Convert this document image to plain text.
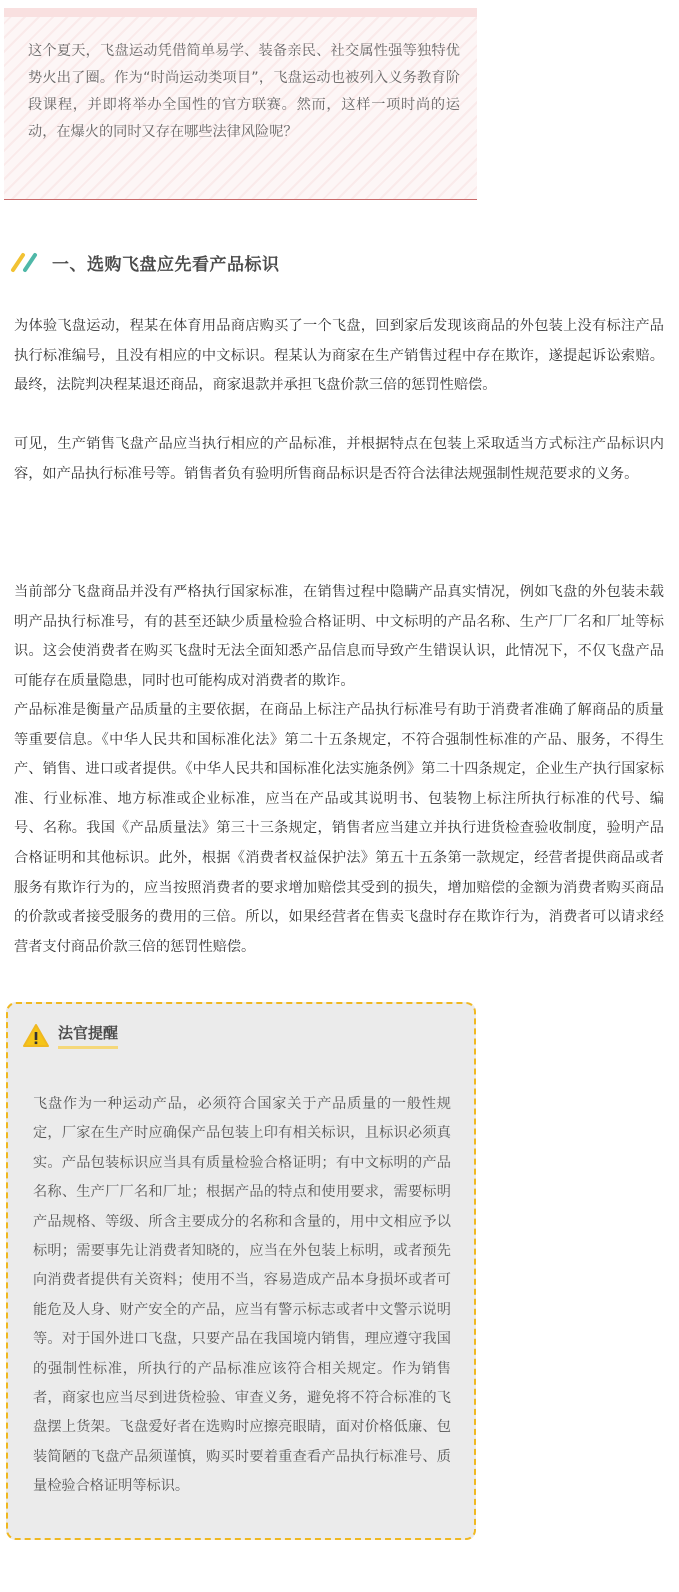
这个夏天，飞盘运动凭借简单易学、装备亲民、社交属性强等独特优势火出了圈。作为“时尚运动类项目”，飞盘运动也被列入义务教育阶段课程，并即将举办全国性的官方联赛。然而，这样一项时尚的运动，在爆火的同时又存在哪些法律风险呢？

一、选购飞盘应先看产品标识

为体验飞盘运动，程某在体育用品商店购买了一个飞盘，回到家后发现该商品的外包装上没有标注产品执行标准编号，且没有相应的中文标识。程某认为商家在生产销售过程中存在欺诈，遂提起诉讼索赔。最终，法院判决程某退还商品，商家退款并承担飞盘价款三倍的惩罚性赔偿。

可见，生产销售飞盘产品应当执行相应的产品标准，并根据特点在包装上采取适当方式标注产品标识内容，如产品执行标准号等。销售者负有验明所售商品标识是否符合法律法规强制性规范要求的义务。

当前部分飞盘商品并没有严格执行国家标准，在销售过程中隐瞒产品真实情况，例如飞盘的外包装未载明产品执行标准号，有的甚至还缺少质量检验合格证明、中文标明的产品名称、生产厂厂名和厂址等标识。这会使消费者在购买飞盘时无法全面知悉产品信息而导致产生错误认识，此情况下，不仅飞盘产品可能存在质量隐患，同时也可能构成对消费者的欺诈。

产品标准是衡量产品质量的主要依据，在商品上标注产品执行标准号有助于消费者准确了解商品的质量等重要信息。《中华人民共和国标准化法》第二十五条规定，不符合强制性标准的产品、服务，不得生产、销售、进口或者提供。《中华人民共和国标准化法实施条例》第二十四条规定，企业生产执行国家标准、行业标准、地方标准或企业标准，应当在产品或其说明书、包装物上标注所执行标准的代号、编号、名称。我国《产品质量法》第三十三条规定，销售者应当建立并执行进货检查验收制度，验明产品合格证明和其他标识。此外，根据《消费者权益保护法》第五十五条第一款规定，经营者提供商品或者服务有欺诈行为的，应当按照消费者的要求增加赔偿其受到的损失，增加赔偿的金额为消费者购买商品的价款或者接受服务的费用的三倍。所以，如果经营者在售卖飞盘时存在欺诈行为，消费者可以请求经营者支付商品价款三倍的惩罚性赔偿。

法官提醒

飞盘作为一种运动产品，必须符合国家关于产品质量的一般性规定，厂家在生产时应确保产品包装上印有相关标识，且标识必须真实。产品包装标识应当具有质量检验合格证明；有中文标明的产品名称、生产厂厂名和厂址；根据产品的特点和使用要求，需要标明产品规格、等级、所含主要成分的名称和含量的，用中文相应予以标明；需要事先让消费者知晓的，应当在外包装上标明，或者预先向消费者提供有关资料；使用不当，容易造成产品本身损坏或者可能危及人身、财产安全的产品，应当有警示标志或者中文警示说明等。对于国外进口飞盘，只要产品在我国境内销售，理应遵守我国的强制性标准，所执行的产品标准应该符合相关规定。作为销售者，商家也应当尽到进货检验、审查义务，避免将不符合标准的飞盘摆上货架。飞盘爱好者在选购时应擦亮眼睛，面对价格低廉、包装简陋的飞盘产品须谨慎，购买时要着重查看产品执行标准号、质量检验合格证明等标识。
